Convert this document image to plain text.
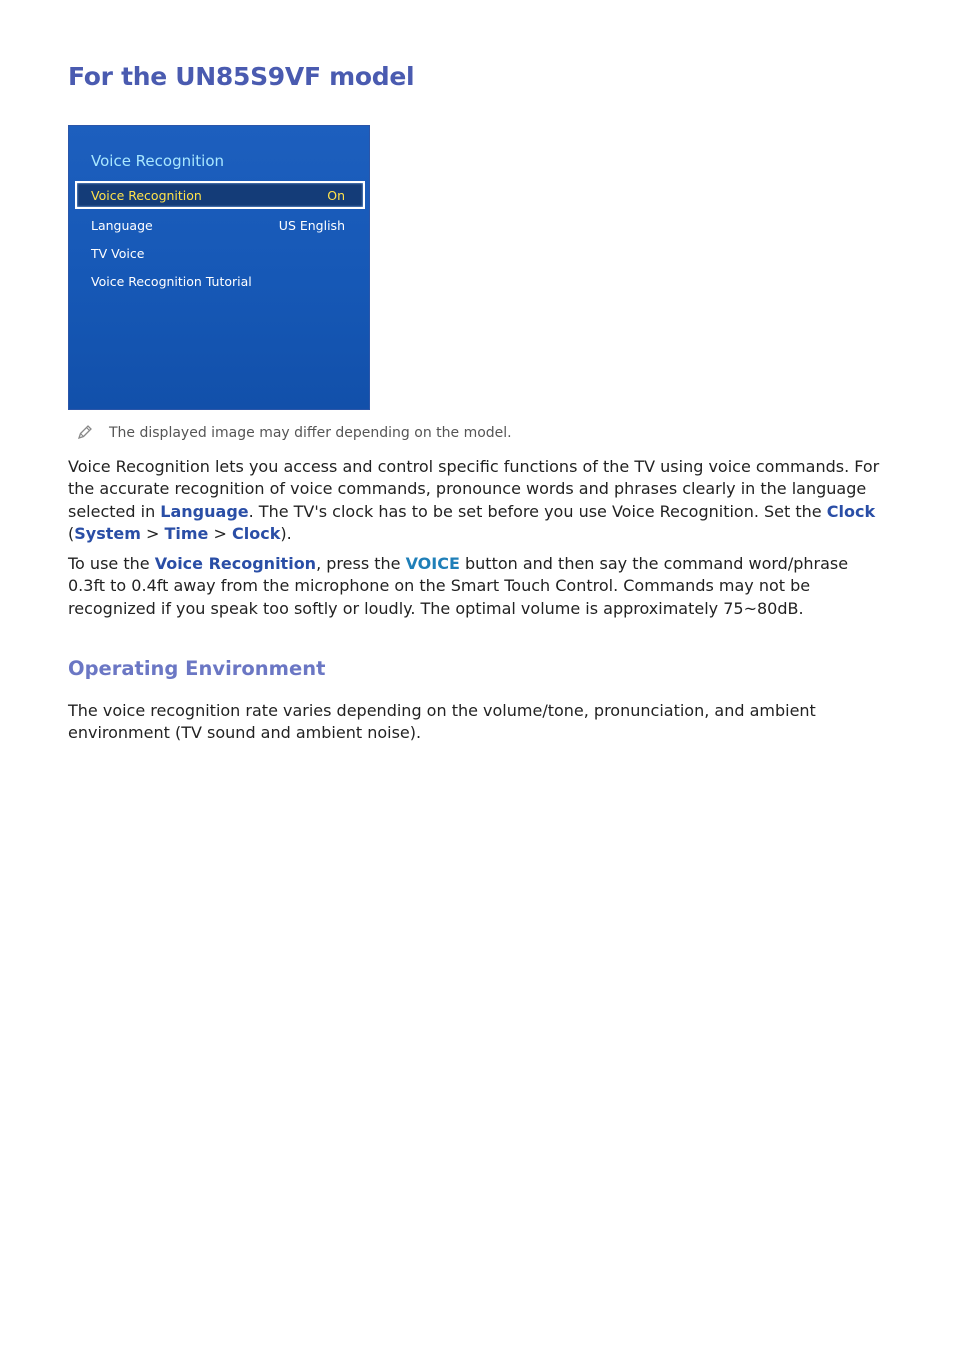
For the UN85S9VF model
Voice Recognition
Voice Recognition	On
Language	US English
TV Voice
Voice Recognition Tutorial
The displayed image may differ depending on the model.

Voice Recognition lets you access and control specific functions of the TV using voice commands. For the accurate recognition of voice commands, pronounce words and phrases clearly in the language selected in Language. The TV's clock has to be set before you use Voice Recognition. Set the Clock (System > Time > Clock).

To use the Voice Recognition, press the VOICE button and then say the command word/phrase 0.3ft to 0.4ft away from the microphone on the Smart Touch Control. Commands may not be recognized if you speak too softly or loudly. The optimal volume is approximately 75~80dB.

Operating Environment

The voice recognition rate varies depending on the volume/tone, pronunciation, and ambient environment (TV sound and ambient noise).
